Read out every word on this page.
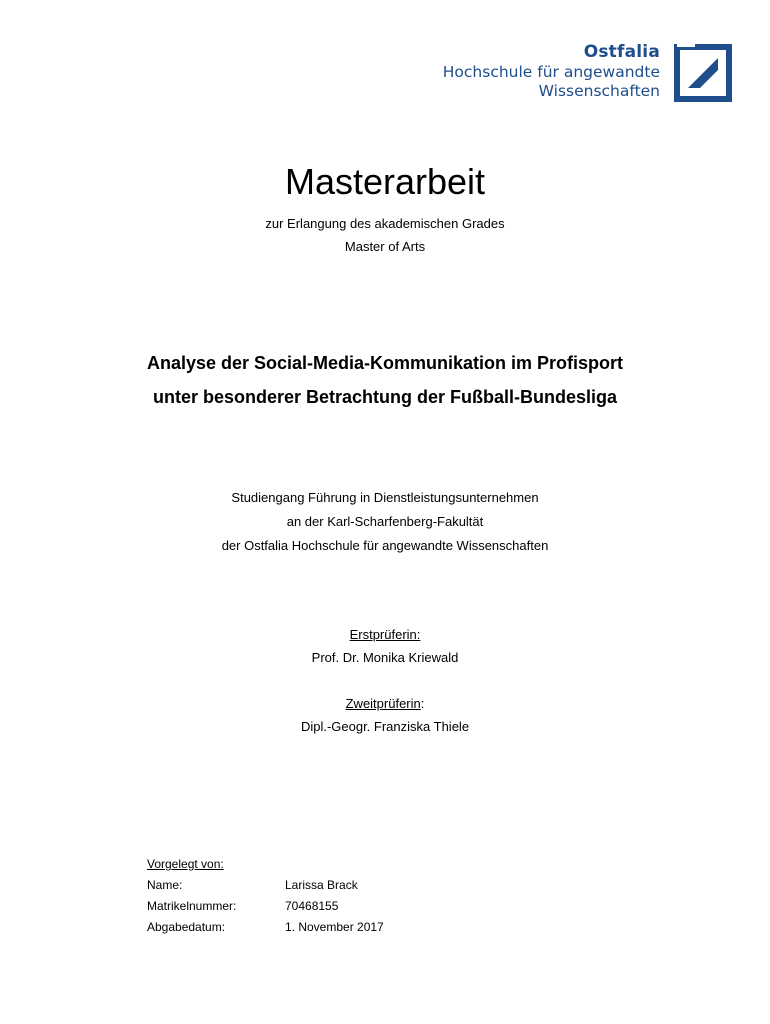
Ostfalia
Hochschule für angewandte
Wissenschaften
Masterarbeit
zur Erlangung des akademischen Grades
Master of Arts
Analyse der Social-Media-Kommunikation im Profisport
unter besonderer Betrachtung der Fußball-Bundesliga
Studiengang Führung in Dienstleistungsunternehmen
an der Karl-Scharfenberg-Fakultät
der Ostfalia Hochschule für angewandte Wissenschaften
Erstprüferin:
Prof. Dr. Monika Kriewald
Zweitprüferin:
Dipl.-Geogr. Franziska Thiele
Vorgelegt von:
Name:	Larissa Brack
Matrikelnummer:	70468155
Abgabedatum:	1. November 2017
